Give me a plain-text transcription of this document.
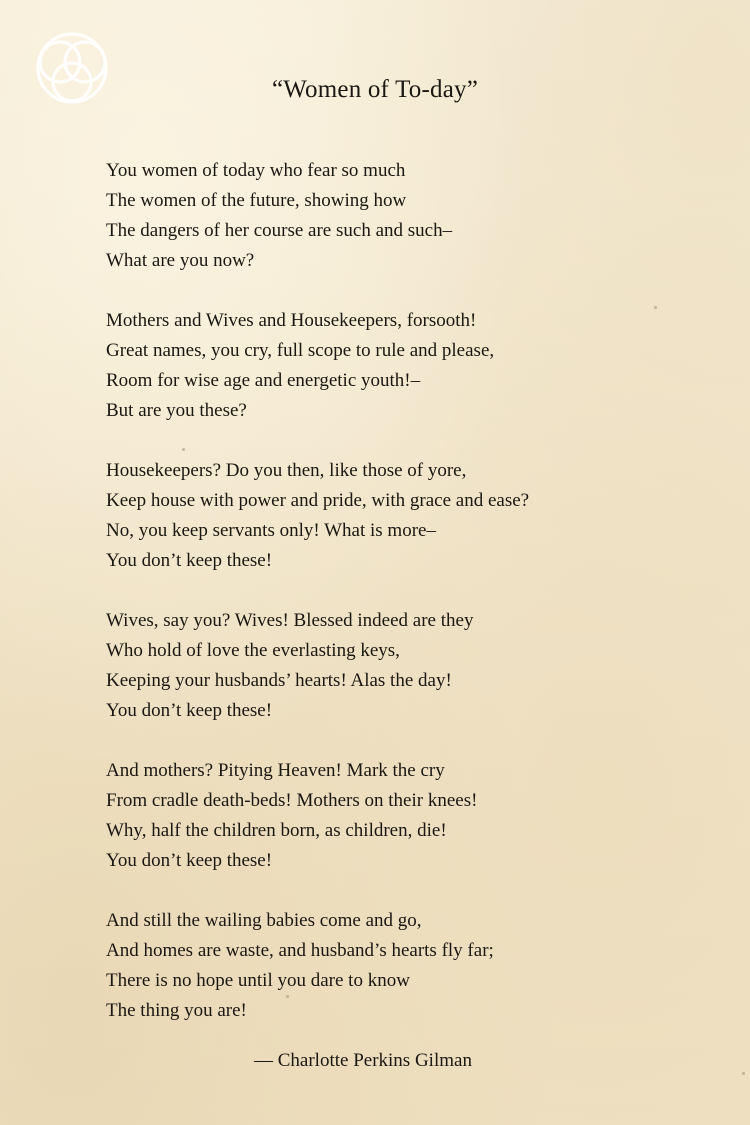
“Women of To-day”
You women of today who fear so much
The women of the future, showing how
The dangers of her course are such and such–
What are you now?
Mothers and Wives and Housekeepers, forsooth!
Great names, you cry, full scope to rule and please,
Room for wise age and energetic youth!–
But are you these?
Housekeepers? Do you then, like those of yore,
Keep house with power and pride, with grace and ease?
No, you keep servants only! What is more–
You don’t keep these!
Wives, say you? Wives! Blessed indeed are they
Who hold of love the everlasting keys,
Keeping your husbands’ hearts! Alas the day!
You don’t keep these!
And mothers? Pitying Heaven! Mark the cry
From cradle death-beds! Mothers on their knees!
Why, half the children born, as children, die!
You don’t keep these!
And still the wailing babies come and go,
And homes are waste, and husband’s hearts fly far;
There is no hope until you dare to know
The thing you are!
— Charlotte Perkins Gilman
